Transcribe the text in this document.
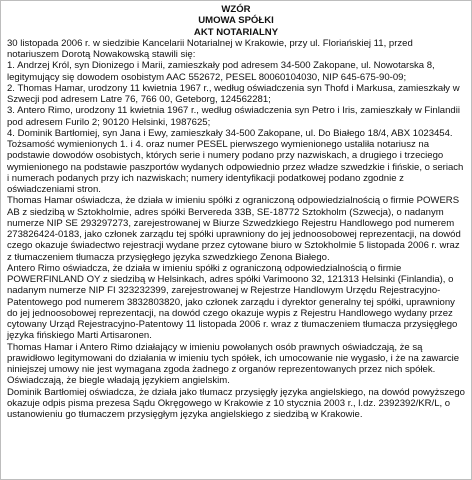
WZÓR

UMOWA SPÓŁKI

AKT NOTARIALNY

30 listopada 2006 r. w siedzibie Kancelarii Notarialnej w Krakowie, przy ul. Floriańskiej 11, przed notariuszem Dorotą Nowakowską stawili się:

1. Andrzej Król, syn Dionizego i Marii, zamieszkały pod adresem 34-500 Zakopane, ul. Nowotarska 8, legitymujący się dowodem osobistym AAC 552672, PESEL 80060104030, NIP 645-675-90-09;

2. Thomas Hamar, urodzony 11 kwietnia 1967 r., według oświadczenia syn Thofd i Markusa, zamieszkały w Szwecji pod adresem Latre 76, 766 00, Geteborg, 124562281;

3. Antero Rimo, urodzony 11 kwietnia 1967 r., według oświadczenia syn Petro i Iris, zamieszkały w Finlandii pod adresem Furilo 2; 90120 Helsinki, 1987625;

4. Dominik Bartłomiej, syn Jana i Ewy, zamieszkały 34-500 Zakopane, ul. Do Białego 18/4, ABX 1023454.

Tożsamość wymienionych 1. i 4. oraz numer PESEL pierwszego wymienionego ustaliła notariusz na podstawie dowodów osobistych, których serie i numery podano przy nazwiskach, a drugiego i trzeciego wymienionego na podstawie paszportów wydanych odpowiednio przez władze szwedzkie i fińskie, o seriach i numerach podanych przy ich nazwiskach; numery identyfikacji podatkowej podano zgodnie z oświadczeniami stron.

Thomas Hamar oświadcza, że działa w imieniu spółki z ograniczoną odpowiedzialnością o firmie POWERS AB z siedzibą w Sztokholmie, adres spółki Bervereda 33B, SE-18772 Sztokholm (Szwecja), o nadanym numerze NIP SE 293297273, zarejestrowanej w Biurze Szwedzkiego Rejestru Handlowego pod numerem 273826424-0183, jako członek zarządu tej spółki uprawniony do jej jednoosobowej reprezentacji, na dowód czego okazuje świadectwo rejestracji wydane przez cytowane biuro w Sztokholmie 5 listopada 2006 r. wraz z tłumaczeniem tłumacza przysięgłego języka szwedzkiego Zenona Białego.

Antero Rimo oświadcza, że działa w imieniu spółki z ograniczoną odpowiedzialnością o firmie POWERFINLAND OY z siedzibą w Helsinkach, adres spółki Varimoono 32, 121313 Helsinki (Finlandia), o nadanym numerze NIP FI 323232399, zarejestrowanej w Rejestrze Handlowym Urzędu Rejestracyjno-Patentowego pod numerem 3832803820, jako członek zarządu i dyrektor generalny tej spółki, uprawniony do jej jednoosobowej reprezentacji, na dowód czego okazuje wypis z Rejestru Handlowego wydany przez cytowany Urząd Rejestracyjno-Patentowy 11 listopada 2006 r. wraz z tłumaczeniem tłumacza przysięgłego języka fińskiego Marti Artisaronen.

Thomas Hamar i Antero Rimo działający w imieniu powołanych osób prawnych oświadczają, że są prawidłowo legitymowani do działania w imieniu tych spółek, ich umocowanie nie wygasło, i że na zawarcie niniejszej umowy nie jest wymagana zgoda żadnego z organów reprezentowanych przez nich spółek. Oświadczają, że biegle władają językiem angielskim.

Dominik Bartłomiej oświadcza, że działa jako tłumacz przysięgły języka angielskiego, na dowód powyższego okazuje odpis pisma prezesa Sądu Okręgowego w Krakowie z 10 stycznia 2003 r., l.dz. 2392392/KR/L, o ustanowieniu go tłumaczem przysięgłym języka angielskiego z siedzibą w Krakowie.
